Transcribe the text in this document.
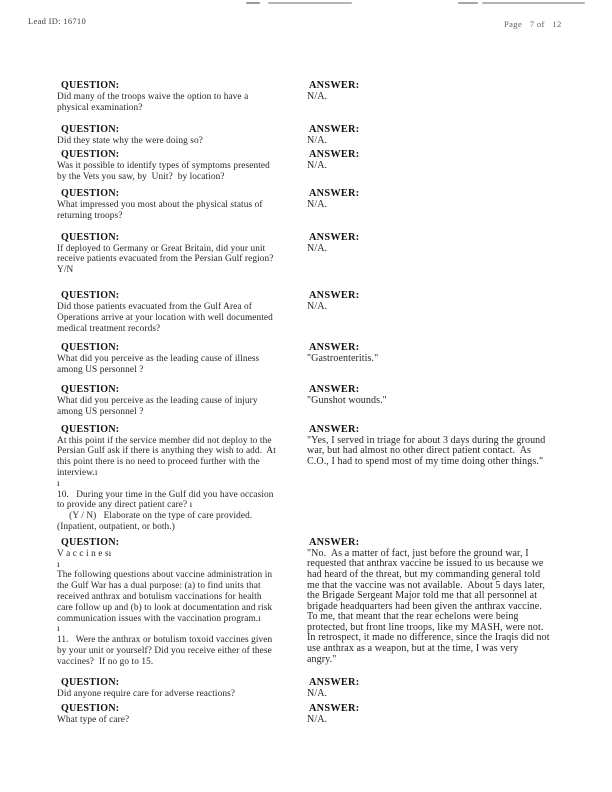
Lead ID: 16710	Page   7 of   12
QUESTION:
Did many of the troops waive the option to have a
physical examination?
ANSWER:
N/A.
QUESTION:
Did they state why the were doing so?
ANSWER:
N/A.
QUESTION:
Was it possible to identify types of symptoms presented
by the Vets you saw, by  Unit?  by location?
ANSWER:
N/A.
QUESTION:
What impressed you most about the physical status of
returning troops?
ANSWER:
N/A.
QUESTION:
If deployed to Germany or Great Britain, did your unit
receive patients evacuated from the Persian Gulf region?
Y/N
ANSWER:
N/A.
QUESTION:
Did those patients evacuated from the Gulf Area of
Operations arrive at your location with well documented
medical treatment records?
ANSWER:
N/A.
QUESTION:
What did you perceive as the leading cause of illness
among US personnel ?
ANSWER:
"Gastroenteritis."
QUESTION:
What did you perceive as the leading cause of injury
among US personnel ?
ANSWER:
"Gunshot wounds."
QUESTION:
At this point if the service member did not deploy to the
Persian Gulf ask if there is anything they wish to add.  At
this point there is no need to proceed further with the
interview.ı
ı
10.   During your time in the Gulf did you have occasion
to provide any direct patient care? ı
(Y / N)   Elaborate on the type of care provided.
(Inpatient, outpatient, or both.)
ANSWER:
"Yes, I served in triage for about 3 days during the ground
war, but had almost no other direct patient contact.  As
C.O., I had to spend most of my time doing other things."
QUESTION:
V a c c i n e sı
ı
The following questions about vaccine administration in
the Gulf War has a dual purpose: (a) to find units that
received anthrax and botulism vaccinations for health
care follow up and (b) to look at documentation and risk
communication issues with the vaccination program.ı
ı
11.   Were the anthrax or botulism toxoid vaccines given
by your unit or yourself? Did you receive either of these
vaccines?  If no go to 15.
ANSWER:
"No.  As a matter of fact, just before the ground war, I
requested that anthrax vaccine be issued to us because we
had heard of the threat, but my commanding general told
me that the vaccine was not available.  About 5 days later,
the Brigade Sergeant Major told me that all personnel at
brigade headquarters had been given the anthrax vaccine.
To me, that meant that the rear echelons were being
protected, but front line troops, like my MASH, were not.
In retrospect, it made no difference, since the Iraqis did not
use anthrax as a weapon, but at the time, I was very
angry."
QUESTION:
Did anyone require care for adverse reactions?
ANSWER:
N/A.
QUESTION:
What type of care?
ANSWER:
N/A.
